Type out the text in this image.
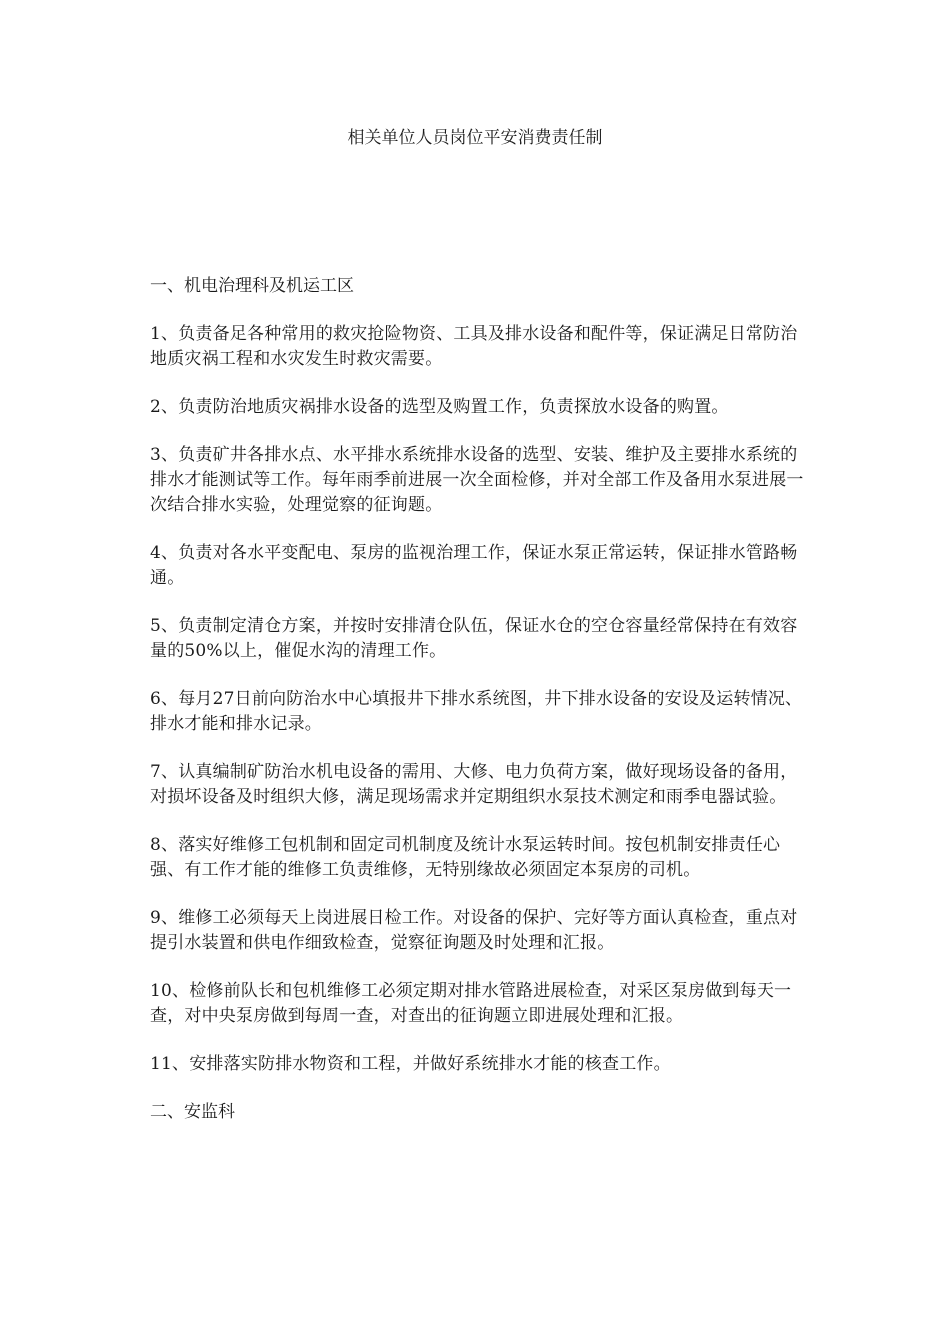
相关单位人员岗位平安消费责任制

一、机电治理科及机运工区

1、负责备足各种常用的救灾抢险物资、工具及排水设备和配件等，保证满足日常防治地质灾祸工程和水灾发生时救灾需要。

2、负责防治地质灾祸排水设备的选型及购置工作，负责探放水设备的购置。

3、负责矿井各排水点、水平排水系统排水设备的选型、安装、维护及主要排水系统的排水才能测试等工作。每年雨季前进展一次全面检修，并对全部工作及备用水泵进展一次结合排水实验，处理觉察的征询题。

4、负责对各水平变配电、泵房的监视治理工作，保证水泵正常运转，保证排水管路畅通。

5、负责制定清仓方案，并按时安排清仓队伍，保证水仓的空仓容量经常保持在有效容量的50%以上，催促水沟的清理工作。

6、每月27日前向防治水中心填报井下排水系统图，井下排水设备的安设及运转情况、排水才能和排水记录。

7、认真编制矿防治水机电设备的需用、大修、电力负荷方案，做好现场设备的备用，对损坏设备及时组织大修，满足现场需求并定期组织水泵技术测定和雨季电器试验。

8、落实好维修工包机制和固定司机制度及统计水泵运转时间。按包机制安排责任心强、有工作才能的维修工负责维修，无特别缘故必须固定本泵房的司机。

9、维修工必须每天上岗进展日检工作。对设备的保护、完好等方面认真检查，重点对提引水装置和供电作细致检查，觉察征询题及时处理和汇报。

10、检修前队长和包机维修工必须定期对排水管路进展检查，对采区泵房做到每天一查，对中央泵房做到每周一查，对查出的征询题立即进展处理和汇报。

11、安排落实防排水物资和工程，并做好系统排水才能的核查工作。

二、安监科
